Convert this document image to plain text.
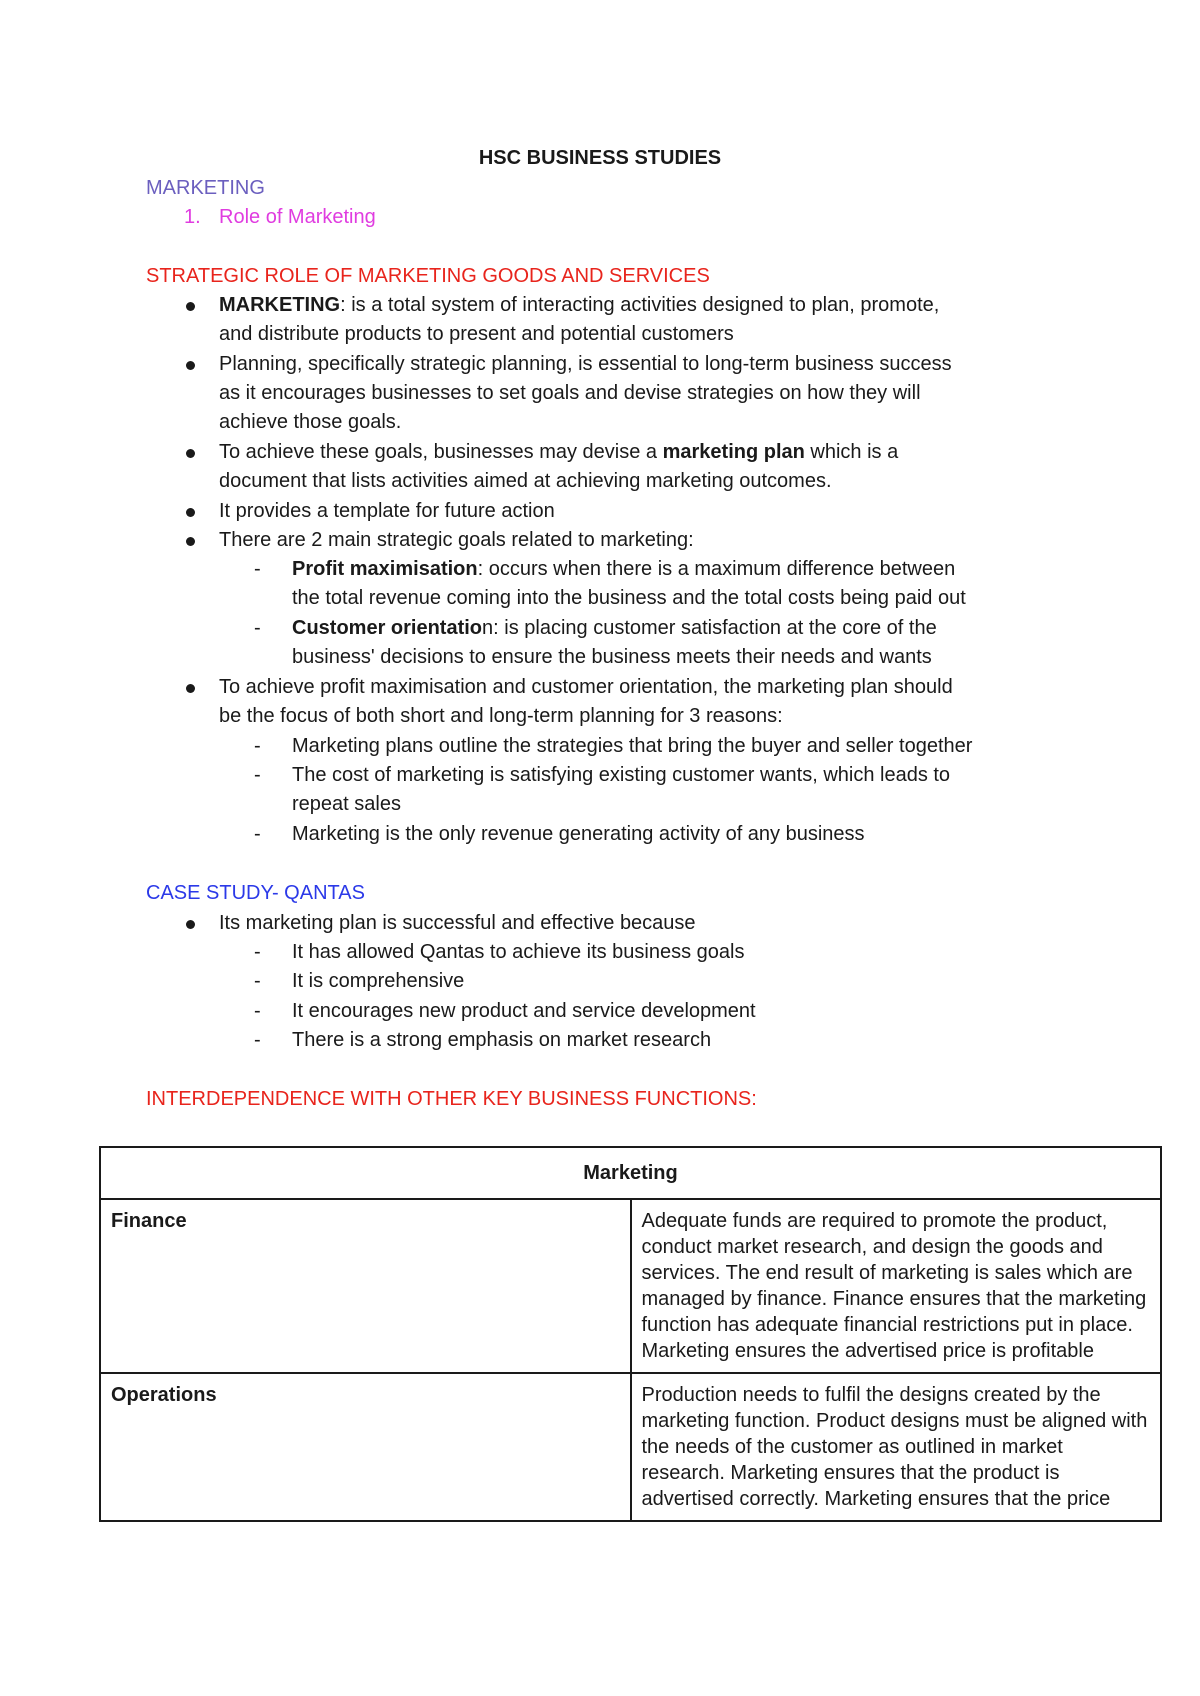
HSC BUSINESS STUDIES
MARKETING
1. Role of Marketing
STRATEGIC ROLE OF MARKETING GOODS AND SERVICES
MARKETING: is a total system of interacting activities designed to plan, promote,
and distribute products to present and potential customers
Planning, specifically strategic planning, is essential to long-term business success
as it encourages businesses to set goals and devise strategies on how they will
achieve those goals.
To achieve these goals, businesses may devise a marketing plan which is a
document that lists activities aimed at achieving marketing outcomes.
It provides a template for future action
There are 2 main strategic goals related to marketing:
- Profit maximisation: occurs when there is a maximum difference between
the total revenue coming into the business and the total costs being paid out
- Customer orientation: is placing customer satisfaction at the core of the
business' decisions to ensure the business meets their needs and wants
To achieve profit maximisation and customer orientation, the marketing plan should
be the focus of both short and long-term planning for 3 reasons:
- Marketing plans outline the strategies that bring the buyer and seller together
- The cost of marketing is satisfying existing customer wants, which leads to
repeat sales
- Marketing is the only revenue generating activity of any business
CASE STUDY- QANTAS
Its marketing plan is successful and effective because
- It has allowed Qantas to achieve its business goals
- It is comprehensive
- It encourages new product and service development
- There is a strong emphasis on market research
INTERDEPENDENCE WITH OTHER KEY BUSINESS FUNCTIONS:
Marketing	
Finance	Adequate funds are required to promote the product, conduct market research, and design the goods and services. The end result of marketing is sales which are managed by finance. Finance ensures that the marketing function has adequate financial restrictions put in place. Marketing ensures the advertised price is profitable
Operations	Production needs to fulfil the designs created by the marketing function. Product designs must be aligned with the needs of the customer as outlined in market research. Marketing ensures that the product is advertised correctly. Marketing ensures that the price
